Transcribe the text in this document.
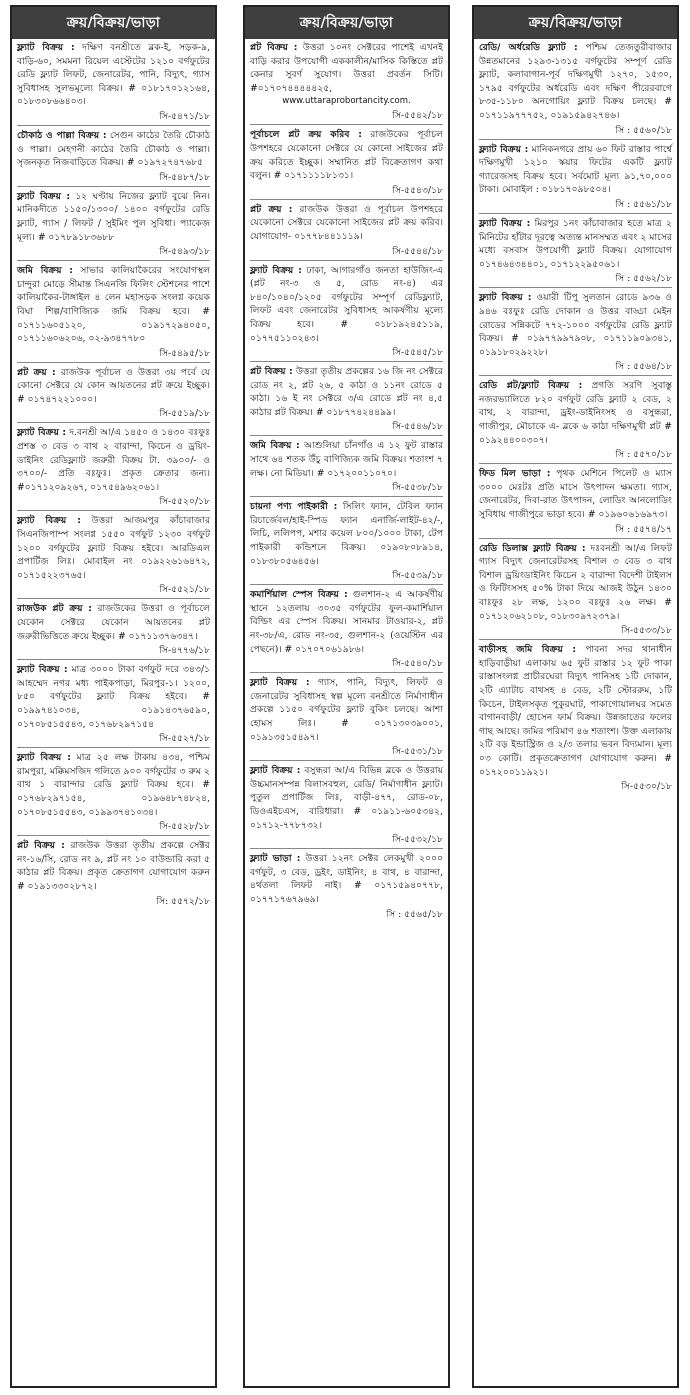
ক্রয়/বিক্রয়/ভাড়া

ফ্ল্যাট বিক্রয় : দক্ষিণ বনশ্রীতে ব্লক-ই, সড়ক-৯, বাড়ি-৬০, সমমনা রিয়েল এস্টেটের ১২১০ বর্গফুটের রেডি ফ্ল্যাট লিফট, জেনারেটর, পানি, বিদ্যুৎ, গ্যাস সুবিধাসহ সুলভমূল্যে বিক্রয়। # ০১৮১৭০১২১৬৪, ০১৮৩০৮৬৬৪০৩।

সি-৫৪৭১/১৮

চৌকাঠ ও পাল্লা বিক্রয় : সেগুন কাঠের তৈরি চৌকাঠ ও পাল্লা। মেহগনী কাঠের তৈরি চৌকাঠ ও পাল্লা। সৃজনকৃত নিজবাড়িতে বিক্রয়। # ০১৯৭২৭৪৭৬৮৫

সি-৫৪৮৭/১৮

ফ্ল্যাট বিক্রয় : ১২ ঘণ্টায় নিজের ফ্ল্যাট বুঝে নিন। মানিকদীতে ১১৫০/১৩০০/ ১৪০০ বর্গফুটের রেডি ফ্ল্যাট, গ্যাস / লিফট / সুইমিং পুল সুবিধা। প্যাকেজ মূল্য। # ০১৭৮৯১৮৩৬৮৮

সি-৫৪৯৩/১৮

জমি বিক্রয় : সাভার কালিয়াকৈরের সংযোগস্থল চান্দুরা মোড়ে সীমান্ত সিএনজি ফিলিং স্টেশনের পাশে কালিয়াকৈর-টাঙ্গাইল ৪ লেন মহাসড়ক সংলগ্ন কয়েক বিঘা শিল্প/বাণিজ্যিক জমি বিক্রয় হবে। # ০১৭১১৬০৫১২০, ০১৯১৭২৯৪০৫০, ০১৭১১৬০৬২০৬, ০২-৯৩৪৭৭৮০

সি-৫৪৯৫/১৮

প্লট ক্রয় : রাজউক পূর্বাচল ও উত্তরা ৩য় পর্বে যে কোনো সেক্টরে যে কোন আয়তনের প্লট ক্রয়ে ইচ্ছুক। # ০১৭৪৭২২১০০০।

সি-৫৫১৯/১৮

ফ্ল্যাট বিক্রয় : দ.বনশ্রী আ/এ ১৪৫০ ও ১৪৩০ বঃফুঃ প্রশস্ত ৩ বেড ৩ বাথ ২ বারান্দা, কিচেন ও ড্রয়িং-ডাইনিং রেডিফ্ল্যাট জরুরী বিক্রয় টা. ৩৯০০/- ও ৩৭০০/- প্রতি বঃফুঃ। প্রকৃত ক্রেতার জন্য। #০১৭১২০৯২৬৭, ০১৭৫৪৯৬২০৬১।

সি-৫৫২০/১৮

ফ্ল্যাট বিক্রয় : উত্তরা আজমপুর কাঁচাবাজার সিএনজিপাম্প সংলগ্ন ১৫৫০ বর্গফুট ১২৩০ বর্গফুট ১২০০ বর্গফুটের ফ্ল্যাট বিক্রয় হইবে। আরডিএল প্রপার্টিজ লিঃ। মোবাইল নং ০১৯২২৬১৬৪৭২, ০১৭১৫২২৩৭৬৫।

সি-৫৫২১/১৮

রাজউক প্লট ক্রয় : রাজউকের উত্তরা ও পূর্বাচলে যেকোন সেক্টরে যেকোন আয়তনের প্লট জরুরীভিত্তিতে ক্রয়ে ইচ্ছুক। # ০১৭১১৩৭৬৩৪৭।

সি-৪৭৭৬/১৮

ফ্ল্যাট বিক্রয় : মাত্র ৩০০০ টাকা বর্গফুট দরে ৩৪৩/১ আহম্মেদ নগর মধ্য পাইকপাড়া, মিরপুর-১। ১২০০, ৮৫০ বর্গফুটের ফ্ল্যাট বিক্রয় হইবে। # ০১৯৯৭৪১০৩৪, ০১৯১৪৩৭৬৫৯০, ০১৭০৮৫১৫৫৪৩, ০১৭৬৮২৯৭১৫৪

সি-৫৫২৭/১৮

ফ্ল্যাট বিক্রয় : মাত্র ২৫ লক্ষ টাকায় ৪৩৪, পশ্চিম রামপুরা, মক্কিমসজিদ গলিতে ৯০০ বর্গফুটের ৩ রুম ২ বাথ ১ বারান্দার রেডি ফ্ল্যাট বিক্রয় হবে। # ০১৭৬৮২৯৭১৫৪, ০১৯৬৪৮৭৪৮২৪, ০১৭০৮৫১৫৫৪৩, ০১৯৯৩৭৪১০৩৪।

সি-৫৫২৮/১৮

প্লট বিক্রয় : রাজউক উত্তরা তৃতীয় প্রকল্পে সেক্টর নং-১৬/সি, রোড নং ৯, প্লট নং ১০ বাউন্ডারি করা ৫ কাঠার প্লট বিক্রয়। প্রকৃত ক্রেতাগণ যোগাযোগ করুন # ০১৯১৩৩০২৮৭২।

সি: ৫৫৭২/১৮

ক্রয়/বিক্রয়/ভাড়া

প্লট বিক্রয় : উত্তরা ১০নং সেক্টরের পাশেই এখনই বাড়ি করার উপযোগী এককালীন/মাসিক কিস্তিতে প্লট কেনার সুবর্ণ সুযোগ। উত্তরা প্রবর্তন সিটি। #০১৭০৭৪৪৪৪৪২৫,

www.uttaraprobortancity.com.

সি-৫৫৪২/১৮

পূর্বাচলে প্লট ক্রয় করিব : রাজউকের পূর্বাচল উপশহরে যেকোনো সেক্টরে যে কোনো সাইজের প্লট ক্রয় করিতে ইচ্ছুক। সম্মানিত প্লট বিক্রেতাগণ কথা বলুন। # ০১৭১১১১৮১৩১।

সি-৫৫৪৩/১৮

প্লট ক্রয় : রাজউক উত্তরা ও পূর্বাচল উপশহরে যেকোনো সেক্টরে যেকোনো সাইজের প্লট ক্রয় করিব। যোগাযোগ- ০১৭৭৮৪৪১১১৯।

সি-৫৫৪৪/১৮

ফ্ল্যাট বিক্রয় : ঢাকা, আগারগাঁও জনতা হাউজিং-এ (প্লট নং-৩ ও ৫, রোড নং-৪) এর ৮৪০/১০৪০/১২০৫ বর্গফুটের সম্পূর্ণ রেডিফ্ল্যাট, লিফট এবং জেনারেটর সুবিধাসহ আকর্ষণীয় মূল্যে বিক্রয় হবে। # ০১৮১৯২৪৫১১৯, ০১৭৭৫১১০২৪৩।

সি-৫৫৪৫/১৮

প্লট বিক্রয় : উত্তরা তৃতীয় প্রকল্পের ১৬ জি নং সেক্টরে রোড নং ২, প্লট ২৬, ৫ কাঠা ও ১১নং রোডে ৫ কাঠা। ১৬ ই নং সেক্টরে ৩/এ রোডে প্লট নং ৪,৫ কাঠার প্লট বিক্রয়। # ০১৮৭৭৪২৪৪৯৯।

সি-৫৫৪৬/১৮

জমি বিক্রয় : আশুলিয়া চাঁনগাঁও এ ১২ ফুট রাস্তার সাথে ৬৪ শতক উঁচু বাণিজ্যিক জমি বিক্রয়। শতাংশ ৭ লক্ষ। নো মিডিয়া। # ০১৭২০০১১০৭০।

সি-৫৫৩৮/১৮

চায়না পণ্য পাইকারী : সিলিং ফ্যান, টেবিল ফ্যান রিচার্জেবল/হাই-স্পিড ফ্যান এনার্জি-লাইট-৪২/-, লিচি, ললিপপ, মশার কয়েল ৮০০/১০০০ টাকা, টেপ পাইকারী কন্ডিশনে বিক্রয়। ০১৯০৮০৮৯১৪, ০১৮৩৮০৫৬৪৫৬।

সি-৫৫৩৯/১৮

কমার্শিয়াল স্পেস বিক্রয় : গুলশান-২ এ আকর্ষণীয় স্থানে ১২তলায় ৩০৩৫ বর্গফুটের ফুল-কমার্শিয়াল বিল্ডিং এর স্পেস বিক্রয়। সানমার টাওয়ার-২, প্লট নং-৩৮/এ, রোড নং-৩৫, গুলশান-২ (ওয়েস্টিন এর পেছনে)। # ০১৭০৭০৬১৯৮৬।

সি-৫৫৪০/১৮

ফ্ল্যাট বিক্রয় : গ্যাস, পানি, বিদ্যুৎ, লিফট ও জেনারেটর সুবিধাসহ স্বল্প মূল্যে বনশ্রীতে নির্মাণাধীন প্রকল্পে ১১৫০ বর্গফুটের ফ্ল্যাট বুকিং চলছে। আশা হোমস লিঃ। # ০১৭১৩০৩৯০০১, ০১৯১৩৫১৫৪৯৭।

সি-৫৫৩১/১৮

ফ্ল্যাট বিক্রয় : বসুন্ধরা আ/এ বিভিন্ন ব্লকে ও উত্তরায় উচ্চমানসম্পন্ন বিলাসবহুল, রেডি/ নির্মাণাধীন ফ্ল্যাট। পুতুল প্রপার্টিজ লিঃ, বাড়ী-৪৭৭, রোড-০৮, ডিওএইচএস, বারিধারা। # ০১৯১১-৬০৫৩৪২, ০১৭১২-৭৭৮৭৩২।

সি-৫৫৩২/১৮

ফ্ল্যাট ভাড়া : উত্তরা ১২নং সেক্টর লেকমুখী ২০০০ বর্গফুট, ৩ বেড, ড্রইং, ডাইনিং, ৪ বাথ, ৪ বারান্দা, ৪র্থতলা লিফট নাই। # ০১৭১৫৯৪০৭৭৮, ০১৭৭১৭৬৭৯৬৯।

সি : ৫৫৬৫/১৮

ক্রয়/বিক্রয়/ভাড়া

রেডি/ অর্ধরেডি ফ্ল্যাট : পশ্চিম তেজতুরীবাজার উন্নতমানের ১২৯৩-১৩১৫ বর্গফুটের সম্পূর্ণ রেডি ফ্ল্যাট, কলাবাগান-পূর্ব দক্ষিণমুখী ১২৭০, ১৫৩০, ১৭৯৫ বর্গফুটের অর্ধরেডি এবং দক্ষিণ পীরেরবাগে ৮৩৫-১১৮০ অনগোয়িং ফ্ল্যাট বিক্রয় চলছে। # ০১৭১১৯৭৭৭৫২, ০১৯১৫৯৪২৭৪৬।

সি : ৫৫৬০/১৮

ফ্ল্যাট বিক্রয় : মানিকনগরে প্রায় ৬০ ফিট রাস্তার পার্শ্বে দক্ষিণমুখী ১২১০ স্কয়ার ফিটের একটি ফ্ল্যাট গ্যারেজসহ বিক্রয় হবে। সর্বমোট মূল্য ৯১,৭০,০০০ টাকা। মোবাইল : ০১৮১৭০৯৮৫০৪।

সি : ৫৫৬১/১৮

ফ্ল্যাট বিক্রয় : মিরপুর ১নং কাঁচাবাজার হতে মাত্র ২ মিনিটের হাঁটার দূরত্বে অত্যন্ত মানসম্মত এবং ২ মাসের মধ্যে বসবাস উপযোগী ফ্ল্যাট বিক্রয়। যোগাযোগ ০১৭৪৬৪৩৪৪০১, ০১৭১২২৯৫০৬১।

সি : ৫৫৬২/১৮

ফ্ল্যাট বিক্রয় : ওয়ারী টিপু সুলতান রোডে ৯৩৬ ও ৯৪৬ বঃফুঃ রেডি দোকান ও উত্তর বাড্ডা মেইন রোডের সন্নিকটে ৭৭২-১০০০ বর্গফুটের রেডি ফ্ল্যাট বিক্রয়। # ০১৯৭৭৯৯৭৯০৮, ০১৭১১৯০৯৩৪১, ০১৯১৮০২৯২২৮।

সি : ৫৫৬৪/১৮

রেডি প্লট/ফ্ল্যাট বিক্রয় : প্রগতি সরণি সুবাস্তু নজরভ্যালিতে ৮২০ বর্গফুট রেডি ফ্ল্যাট ২ বেড, ২ বাথ, ২ বারান্দা, ড্রইং-ডাইনিংসহ ও বসুন্ধরা, গাজীপুর, মৌচাকে এ- ব্লকে ৬ কাঠা দক্ষিণমুখী প্লট # ০১৯২৪৪০০৩০৭।

সি : ৫৫৭০/১৮

ফিড মিল ভাড়া : পৃথক মেশিনে পিলেট ও ম্যাস ৩০০০ মেঃটঃ প্রতি মাসে উৎপাদন ক্ষমতা। গ্যাস, জেনারেটর, দিবা-রাত উৎপাদন, লোডিং আনলোডিং সুবিধায় গাজীপুরে ভাড়া হবে। # ০১৯৬০৬১৬৯৭৩।

সি : ৫৫৭৪/১৭

রেডি ডিলাক্স ফ্ল্যাট বিক্রয় : দঃবনশ্রী আ/এ লিফট গ্যাস বিদ্যুৎ জেনারেটরসহ বিশাল ৩ বেড ৩ বাথ বিশাল ড্রয়িংডাইনিং কিচেন ২ বারান্দা বিদেশী টাইলস ও ফিটিংসসহ ৫০% টাকা দিয়ে আজই উঠুন ১৪৩০ বাঃফুঃ ২৮ লক্ষ, ১২০০ বঃফুঃ ২৬ লক্ষ। # ০১৭১২০৬২১০৮, ০১৮৩০৯৭২৩৭৯।

সি-৫৫৩৩/১৮

বাড়ীসহ জমি বিক্রয় : পাবনা সদর থানাধীন হাড়িবাড়ীয়া এলাকায় ৬৫ ফুট রাস্তার ১২ ফুট পাকা রাস্তাসংলগ্ন প্রাচীরঘেরা বিদ্যুৎ পানিসহ ১টি দোকান, ২টি এ্যাটাচ বাথসহ ৪ বেড, ২টি স্টোররুম, ১টি কিচেন, টাইলসকৃত পুকুরঘাট, পাকাগোয়ালঘর সমেত বাগানবাড়ী/ হোসেন ফার্ম বিক্রয়। উন্নজাতের ফলের গাছ আছে। জমির পরিমাণ ৪৬ শতাংশ। উক্ত এলাকায় ২টি বড় ইন্ডাস্ট্রিজ ও ২/৩ তলার ভবন বিদ্যমান। মূল্য ০৩ কোটি। প্রকৃতক্রেতাগণ যোগাযোগ করুন। # ০১৭২০০১১৯২১।

সি-৫৫৩০/১৮
